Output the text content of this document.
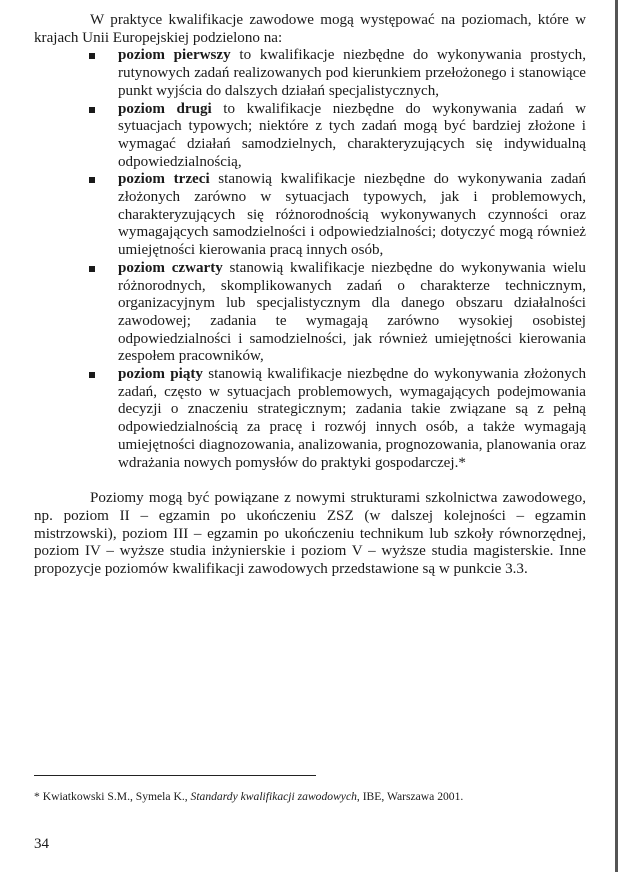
W praktyce kwalifikacje zawodowe mogą występować na poziomach, które w krajach Unii Europejskiej podzielono na:

poziom pierwszy to kwalifikacje niezbędne do wykonywania prostych, rutynowych zadań realizowanych pod kierunkiem przełożonego i stanowiące punkt wyjścia do dalszych działań specjalistycznych,
poziom drugi to kwalifikacje niezbędne do wykonywania zadań w sytuacjach typowych; niektóre z tych zadań mogą być bardziej złożone i wymagać działań samodzielnych, charakteryzujących się indywidualną odpowiedzialnością,
poziom trzeci stanowią kwalifikacje niezbędne do wykonywania zadań złożonych zarówno w sytuacjach typowych, jak i problemowych, charakteryzujących się różnorodnością wykonywanych czynności oraz wymagających samodzielności i odpowiedzialności; dotyczyć mogą również umiejętności kierowania pracą innych osób,
poziom czwarty stanowią kwalifikacje niezbędne do wykonywania wielu różnorodnych, skomplikowanych zadań o charakterze technicznym, organizacyjnym lub specjalistycznym dla danego obszaru działalności zawodowej; zadania te wymagają zarówno wysokiej osobistej odpowiedzialności i samodzielności, jak również umiejętności kierowania zespołem pracowników,
poziom piąty stanowią kwalifikacje niezbędne do wykonywania złożonych zadań, często w sytuacjach problemowych, wymagających podejmowania decyzji o znaczeniu strategicznym; zadania takie związane są z pełną odpowiedzialnością za pracę i rozwój innych osób, a także wymagają umiejętności diagnozowania, analizowania, prognozowania, planowania oraz wdrażania nowych pomysłów do praktyki gospodarczej.*

Poziomy mogą być powiązane z nowymi strukturami szkolnictwa zawodowego, np. poziom II – egzamin po ukończeniu ZSZ (w dalszej kolejności – egzamin mistrzowski), poziom III – egzamin po ukończeniu technikum lub szkoły równorzędnej, poziom IV – wyższe studia inżynierskie i poziom V – wyższe studia magisterskie. Inne propozycje poziomów kwalifikacji zawodowych przedstawione są w punkcie 3.3.

* Kwiatkowski S.M., Symela K., Standardy kwalifikacji zawodowych, IBE, Warszawa 2001.
34
